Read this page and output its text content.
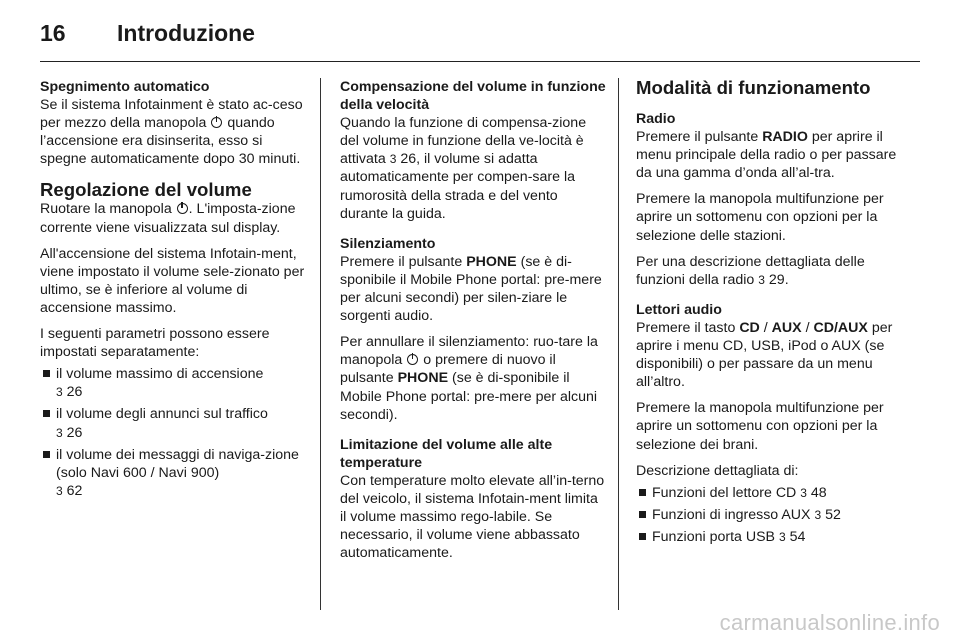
16 Introduzione
Spegnimento automatico

Se il sistema Infotainment è stato ac-ceso per mezzo della manopola quando l’accensione era disinserita, esso si spegne automaticamente dopo 30 minuti.

Regolazione del volume

Ruotare la manopola . L'imposta-zione corrente viene visualizzata sul display.

All'accensione del sistema Infotain-ment, viene impostato il volume sele-zionato per ultimo, se è inferiore al volume di accensione massimo.

I seguenti parametri possono essere impostati separatamente:

il volume massimo di accensione
3 26
il volume degli annunci sul traffico
3 26
il volume dei messaggi di naviga-zione (solo Navi 600 / Navi 900)
3 62
Compensazione del volume in funzione della velocità

Quando la funzione di compensa-zione del volume in funzione della ve-locità è attivata 3 26, il volume si adatta automaticamente per compen-sare la rumorosità della strada e del vento durante la guida.

Silenziamento

Premere il pulsante PHONE (se è di-sponibile il Mobile Phone portal: pre-mere per alcuni secondi) per silen-ziare le sorgenti audio.

Per annullare il silenziamento: ruo-tare la manopola o premere di nuovo il pulsante PHONE (se è di-sponibile il Mobile Phone portal: pre-mere per alcuni secondi).

Limitazione del volume alle alte temperature

Con temperature molto elevate all’in-terno del veicolo, il sistema Infotain-ment limita il volume massimo rego-labile. Se necessario, il volume viene abbassato automaticamente.

Modalità di funzionamento
Radio

Premere il pulsante RADIO per aprire il menu principale della radio o per passare da una gamma d’onda all’al-tra.

Premere la manopola multifunzione per aprire un sottomenu con opzioni per la selezione delle stazioni.

Per una descrizione dettagliata delle funzioni della radio 3 29.

Lettori audio

Premere il tasto CD / AUX / CD/AUX per aprire i menu CD, USB, iPod o AUX (se disponibili) o per passare da un menu all’altro.

Premere la manopola multifunzione per aprire un sottomenu con opzioni per la selezione dei brani.

Descrizione dettagliata di:

Funzioni del lettore CD 3 48
Funzioni di ingresso AUX 3 52
Funzioni porta USB 3 54
carmanualsonline.info
